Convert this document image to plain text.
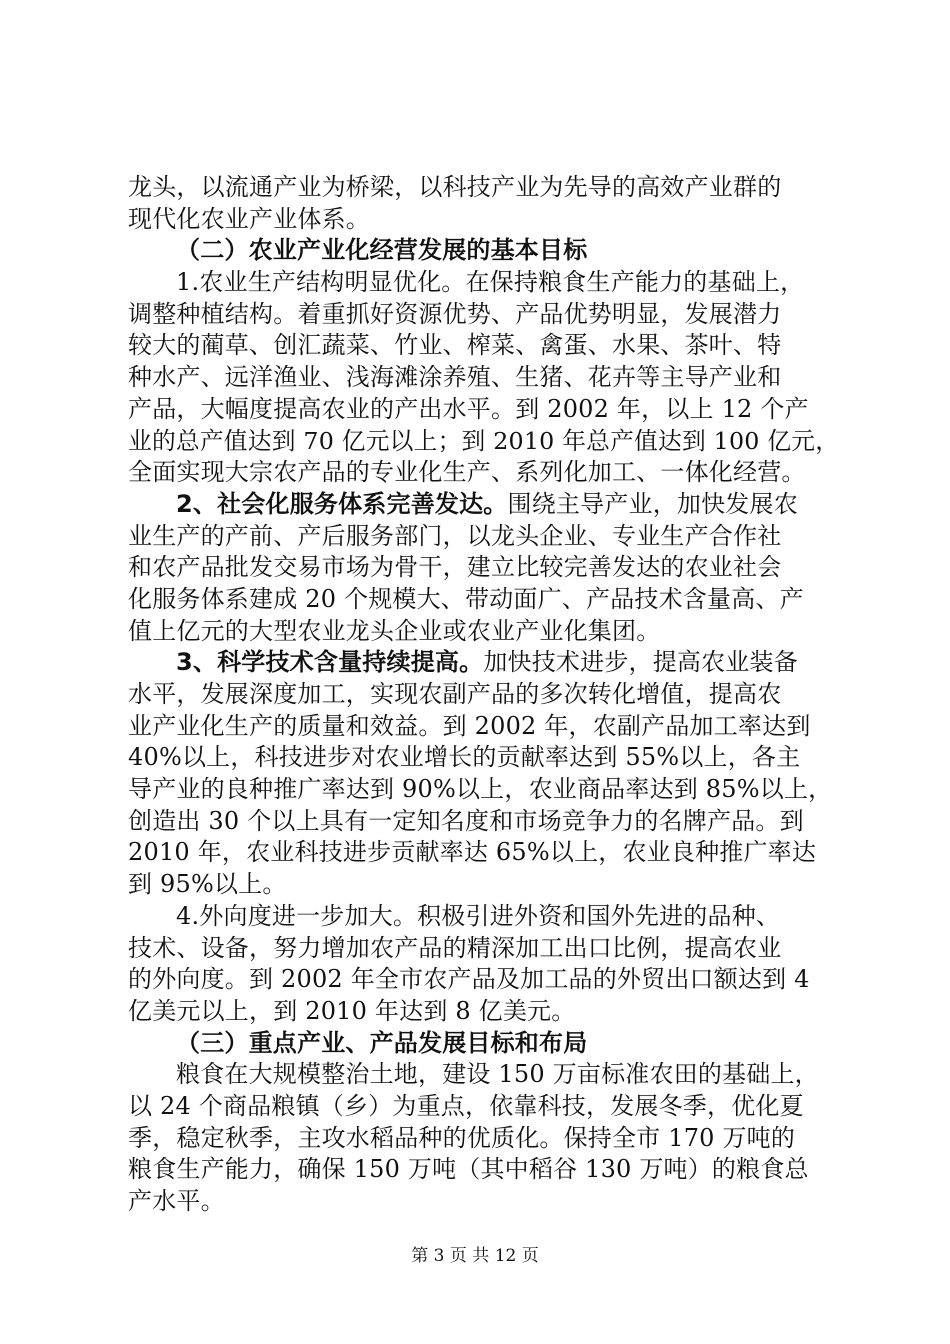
龙头，以流通产业为桥梁，以科技产业为先导的高效产业群的
现代化农业产业体系。
（二）农业产业化经营发展的基本目标
1.农业生产结构明显优化。在保持粮食生产能力的基础上，
调整种植结构。着重抓好资源优势、产品优势明显，发展潜力
较大的蔺草、创汇蔬菜、竹业、榨菜、禽蛋、水果、茶叶、特
种水产、远洋渔业、浅海滩涂养殖、生猪、花卉等主导产业和
产品，大幅度提高农业的产出水平。到 2002 年，以上 12 个产
业的总产值达到 70 亿元以上；到 2010 年总产值达到 100 亿元，
全面实现大宗农产品的专业化生产、系列化加工、一体化经营。
2、社会化服务体系完善发达。围绕主导产业，加快发展农
业生产的产前、产后服务部门，以龙头企业、专业生产合作社
和农产品批发交易市场为骨干，建立比较完善发达的农业社会
化服务体系建成 20 个规模大、带动面广、产品技术含量高、产
值上亿元的大型农业龙头企业或农业产业化集团。
3、科学技术含量持续提高。加快技术进步，提高农业装备
水平，发展深度加工，实现农副产品的多次转化增值，提高农
业产业化生产的质量和效益。到 2002 年，农副产品加工率达到
40%以上，科技进步对农业增长的贡献率达到 55%以上，各主
导产业的良种推广率达到 90%以上，农业商品率达到 85%以上，
创造出 30 个以上具有一定知名度和市场竞争力的名牌产品。到
2010 年，农业科技进步贡献率达 65%以上，农业良种推广率达
到 95%以上。
4.外向度进一步加大。积极引进外资和国外先进的品种、
技术、设备，努力增加农产品的精深加工出口比例，提高农业
的外向度。到 2002 年全市农产品及加工品的外贸出口额达到 4
亿美元以上，到 2010 年达到 8 亿美元。
（三）重点产业、产品发展目标和布局
粮食在大规模整治土地，建设 150 万亩标准农田的基础上，
以 24 个商品粮镇（乡）为重点，依靠科技，发展冬季，优化夏
季，稳定秋季，主攻水稻品种的优质化。保持全市 170 万吨的
粮食生产能力，确保 150 万吨（其中稻谷 130 万吨）的粮食总
产水平。
第 3 页 共 12 页
